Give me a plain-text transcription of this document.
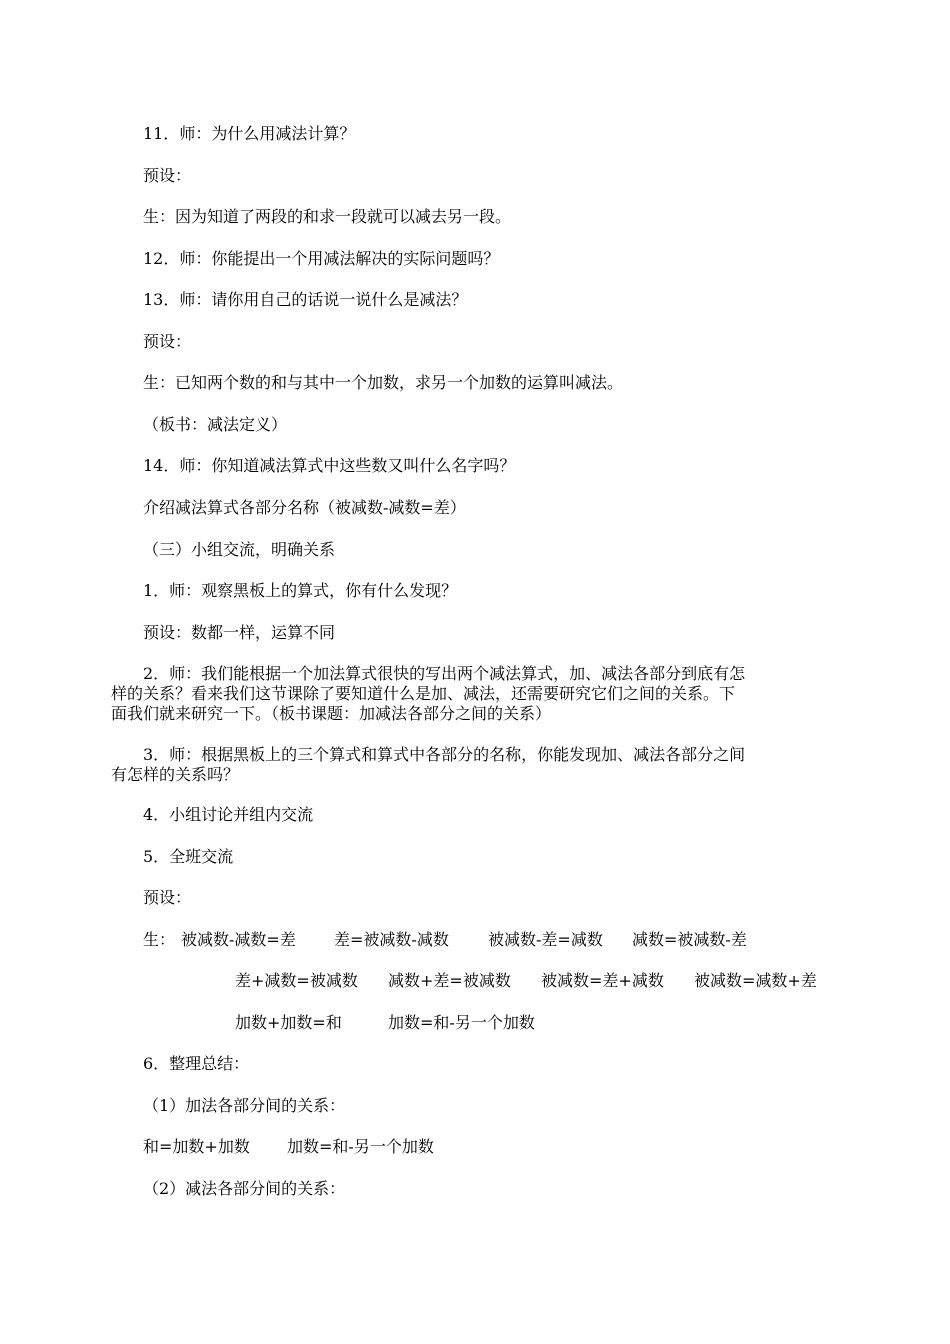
11．师：为什么用减法计算？
预设：
生：因为知道了两段的和求一段就可以减去另一段。
12．师：你能提出一个用减法解决的实际问题吗？
13．师：请你用自己的话说一说什么是减法？
预设：
生：已知两个数的和与其中一个加数，求另一个加数的运算叫减法。
（板书：减法定义）
14．师：你知道减法算式中这些数又叫什么名字吗？
介绍减法算式各部分名称（被减数-减数=差）
（三）小组交流，明确关系
1．师：观察黑板上的算式，你有什么发现？
预设：数都一样，运算不同
2．师：我们能根据一个加法算式很快的写出两个减法算式，加、减法各部分到底有怎
样的关系？看来我们这节课除了要知道什么是加、减法，还需要研究它们之间的关系。下
面我们就来研究一下。（板书课题：加减法各部分之间的关系）
3．师：根据黑板上的三个算式和算式中各部分的名称，你能发现加、减法各部分之间
有怎样的关系吗？
4．小组讨论并组内交流
5．全班交流
预设：
生： 被减数-减数=差 差=被减数-减数 被减数-差=减数 减数=被减数-差
差+减数=被减数 减数+差=被减数 被减数=差+减数 被减数=减数+差
加数+加数=和	加数=和-另一个加数
6．整理总结：
（1）加法各部分间的关系：
和=加数+加数 加数=和-另一个加数
（2）减法各部分间的关系：
